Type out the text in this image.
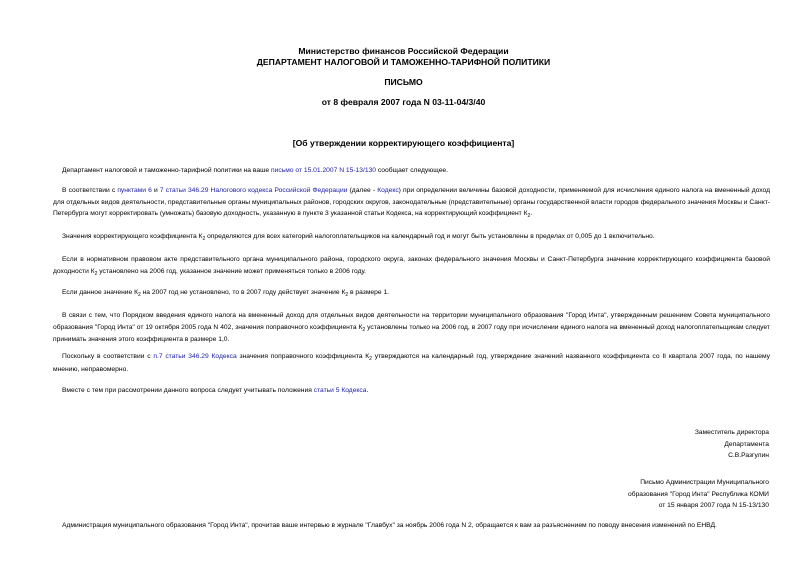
Министерство финансов Российской Федерации
ДЕПАРТАМЕНТ НАЛОГОВОЙ И ТАМОЖЕННО-ТАРИФНОЙ ПОЛИТИКИ
ПИСЬМО
от 8 февраля 2007 года N 03-11-04/3/40
[Об утверждении корректирующего коэффициента]
Департамент налоговой и таможенно-тарифной политики на ваше письмо от 15.01.2007 N 15-13/130 сообщает следующее.
В соответствии с пунктами 6 и 7 статьи 346.29 Налогового кодекса Российской Федерации (далее - Кодекс) при определении величины базовой доходности, применяемой для исчисления единого налога на вмененный доход для отдельных видов деятельности, представительные органы муниципальных районов, городских округов, законодательные (представительные) органы государственной власти городов федерального значения Москвы и Санкт-Петербурга могут корректировать (умножать) базовую доходность, указанную в пункте 3 указанной статьи Кодекса, на корректирующий коэффициент $К_2$.
Значения корректирующего коэффициента $К_2$ определяются для всех категорий налогоплательщиков на календарный год и могут быть установлены в пределах от 0,005 до 1 включительно.
Если в нормативном правовом акте представительного органа муниципального района, городского округа, законах федерального значения Москвы и Санкт-Петербурга значение корректирующего коэффициента базовой доходности $К_2$ установлено на 2006 год, указанное значение может применяться только в 2006 году.
Если данное значение $К_2$ на 2007 год не установлено, то в 2007 году действует значение $К_2$ в размере 1.
В связи с тем, что Порядком введения единого налога на вмененный доход для отдельных видов деятельности на территории муниципального образования "Город Инта", утвержденным решением Совета муниципального образования "Город Инта" от 19 октября 2005 года N 402, значения поправочного коэффициента $К_2$ установлены только на 2006 год, в 2007 году при исчислении единого налога на вмененный доход налогоплательщикам следует принимать значения этого коэффициента в размере 1,0.
Поскольку в соответствии с п.7 статьи 346.29 Кодекса значения поправочного коэффициента $К_2$ утверждаются на календарный год, утверждение значений названного коэффициента со II квартала 2007 года, по нашему мнению, неправомерно.
Вместе с тем при рассмотрении данного вопроса следует учитывать положения статьи 5 Кодекса.
Заместитель директора
Департамента
С.В.Разгулин
Письмо Администрации Муниципального
образования "Город Инта" Республика КОМИ
от 15 января 2007 года N 15-13/130
Администрация муниципального образования "Город Инта", прочитав ваше интервью в журнале "Главбух" за ноябрь 2006 года N 2, обращается к вам за разъяснением по поводу внесения изменений по ЕНВД.
